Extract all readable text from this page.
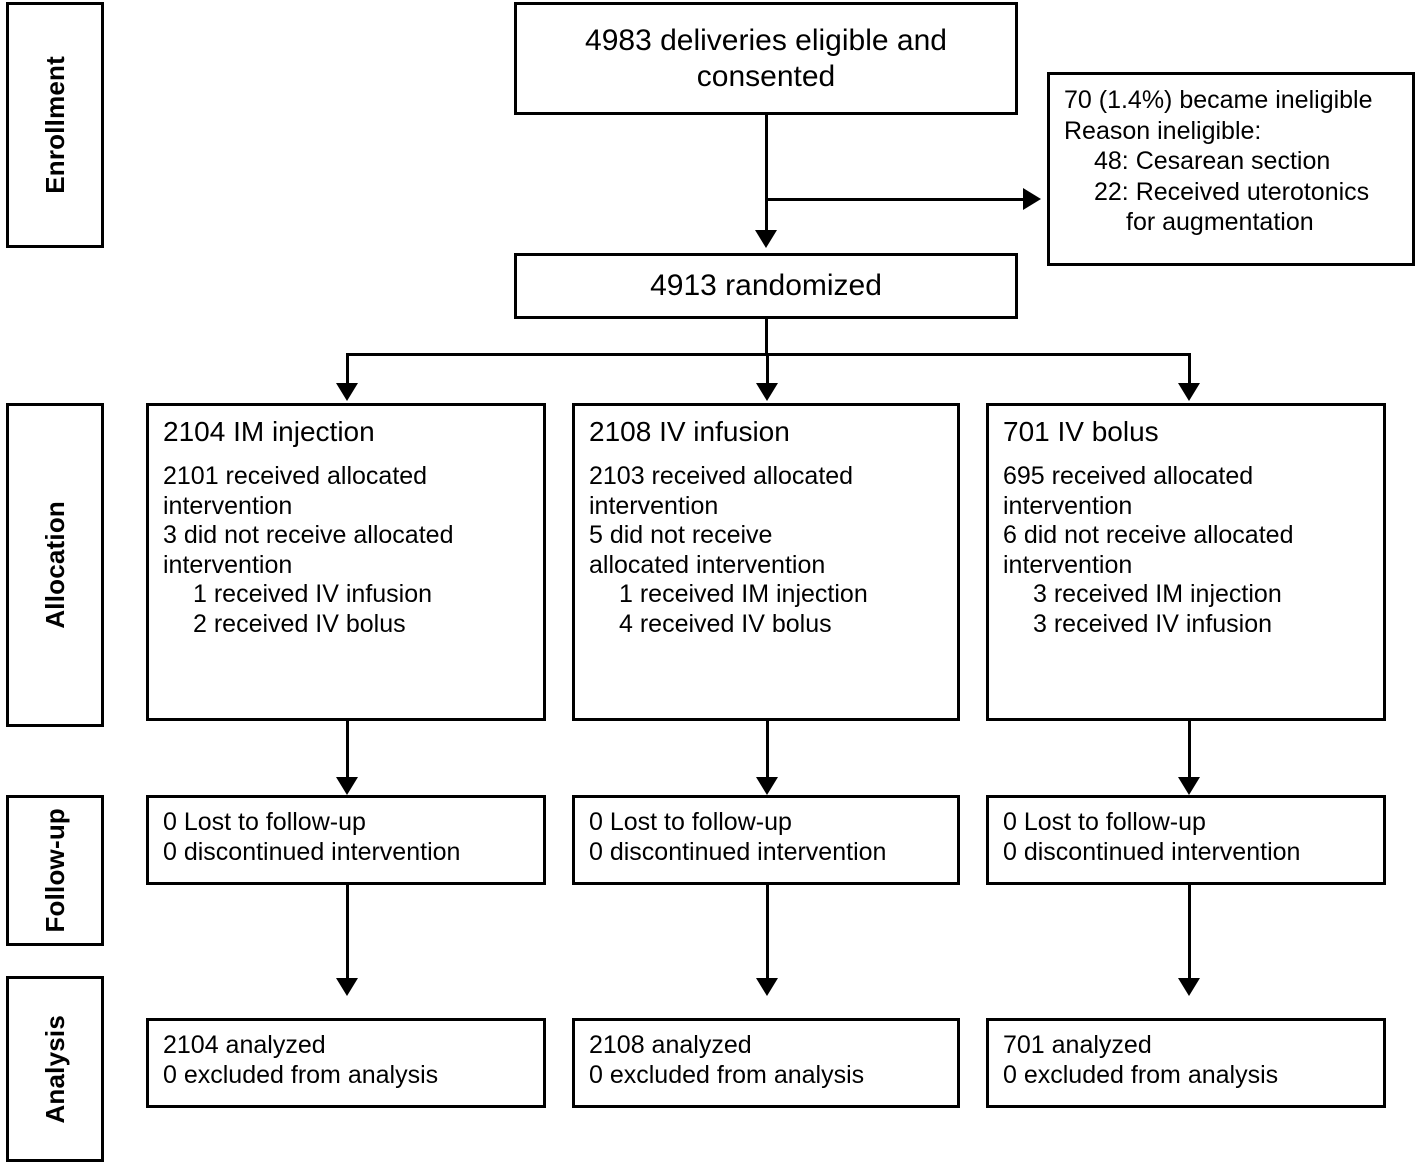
Enrollment
Allocation
Follow-up
Analysis
4983 deliveries eligible and consented
70 (1.4%) became ineligible
Reason ineligible:
48: Cesarean section
22: Received uterotonics
for augmentation
4913 randomized
2104 IM injection
2101 received allocated
intervention
3 did not receive allocated
intervention
1 received IV infusion
2 received IV bolus
2108 IV infusion
2103 received allocated
intervention
5 did not receive
allocated intervention
1 received IM injection
4 received IV bolus
701 IV bolus
695 received allocated
intervention
6 did not receive allocated
intervention
3 received IM injection
3 received IV infusion
0 Lost to follow-up
0 discontinued intervention
0 Lost to follow-up
0 discontinued intervention
0 Lost to follow-up
0 discontinued intervention
2104 analyzed
0 excluded from analysis
2108 analyzed
0 excluded from analysis
701 analyzed
0 excluded from analysis
